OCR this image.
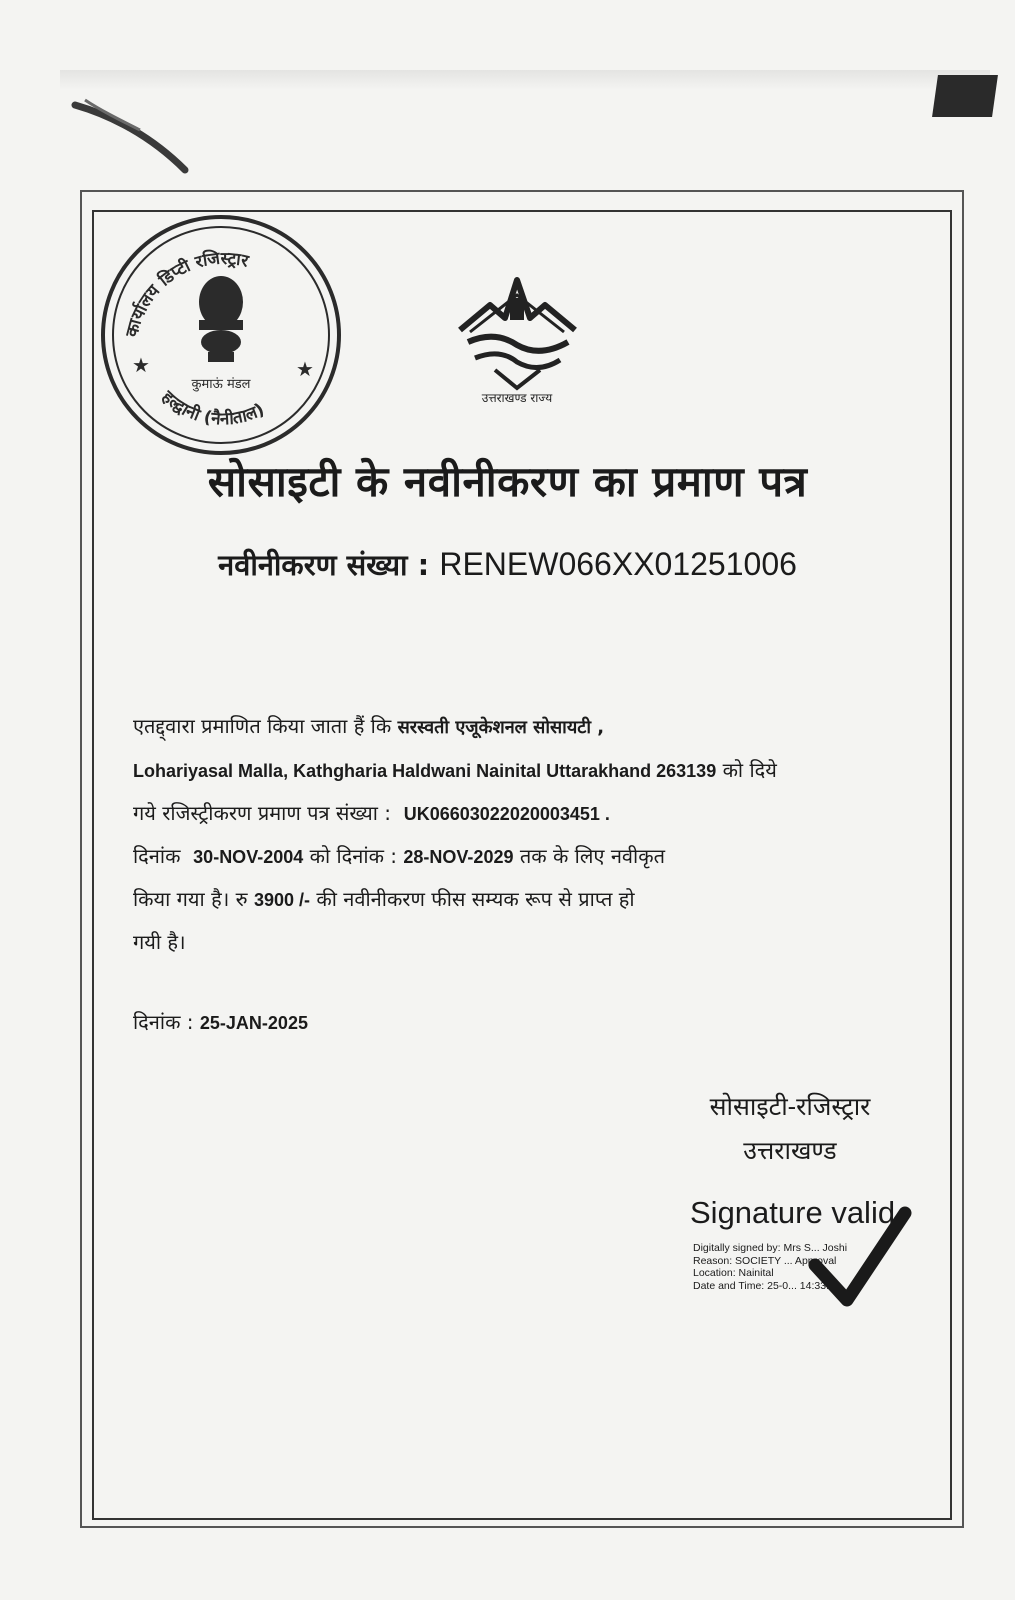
कार्यालय डिप्टी रजिस्ट्रार
हल्द्वानी (नैनीताल)
कुमाऊं मंडल
★	★
उत्तराखण्ड राज्य
सोसाइटी के नवीनीकरण का प्रमाण पत्र
नवीनीकरण संख्या : RENEW066XX01251006
एतद्द्वारा प्रमाणित किया जाता हैं कि सरस्वती एजूकेशनल सोसायटी ,
Lohariyasal Malla, Kathgharia Haldwani Nainital Uttarakhand 263139 को दिये
गये रजिस्ट्रीकरण प्रमाण पत्र संख्या : UK06603022020003451 .
दिनांक 30-NOV-2004 को दिनांक : 28-NOV-2029 तक के लिए नवीकृत
किया गया है। रु 3900 /- की नवीनीकरण फीस सम्यक रूप से प्राप्त हो
गयी है।
दिनांक : 25-JAN-2025
सोसाइटी-रजिस्ट्रार
उत्तराखण्ड
Signature valid
Digitally signed by: Mrs S... Joshi
Reason: SOCIETY ... Approval
Location: Nainital
Date and Time: 25-0... 14:33:24
